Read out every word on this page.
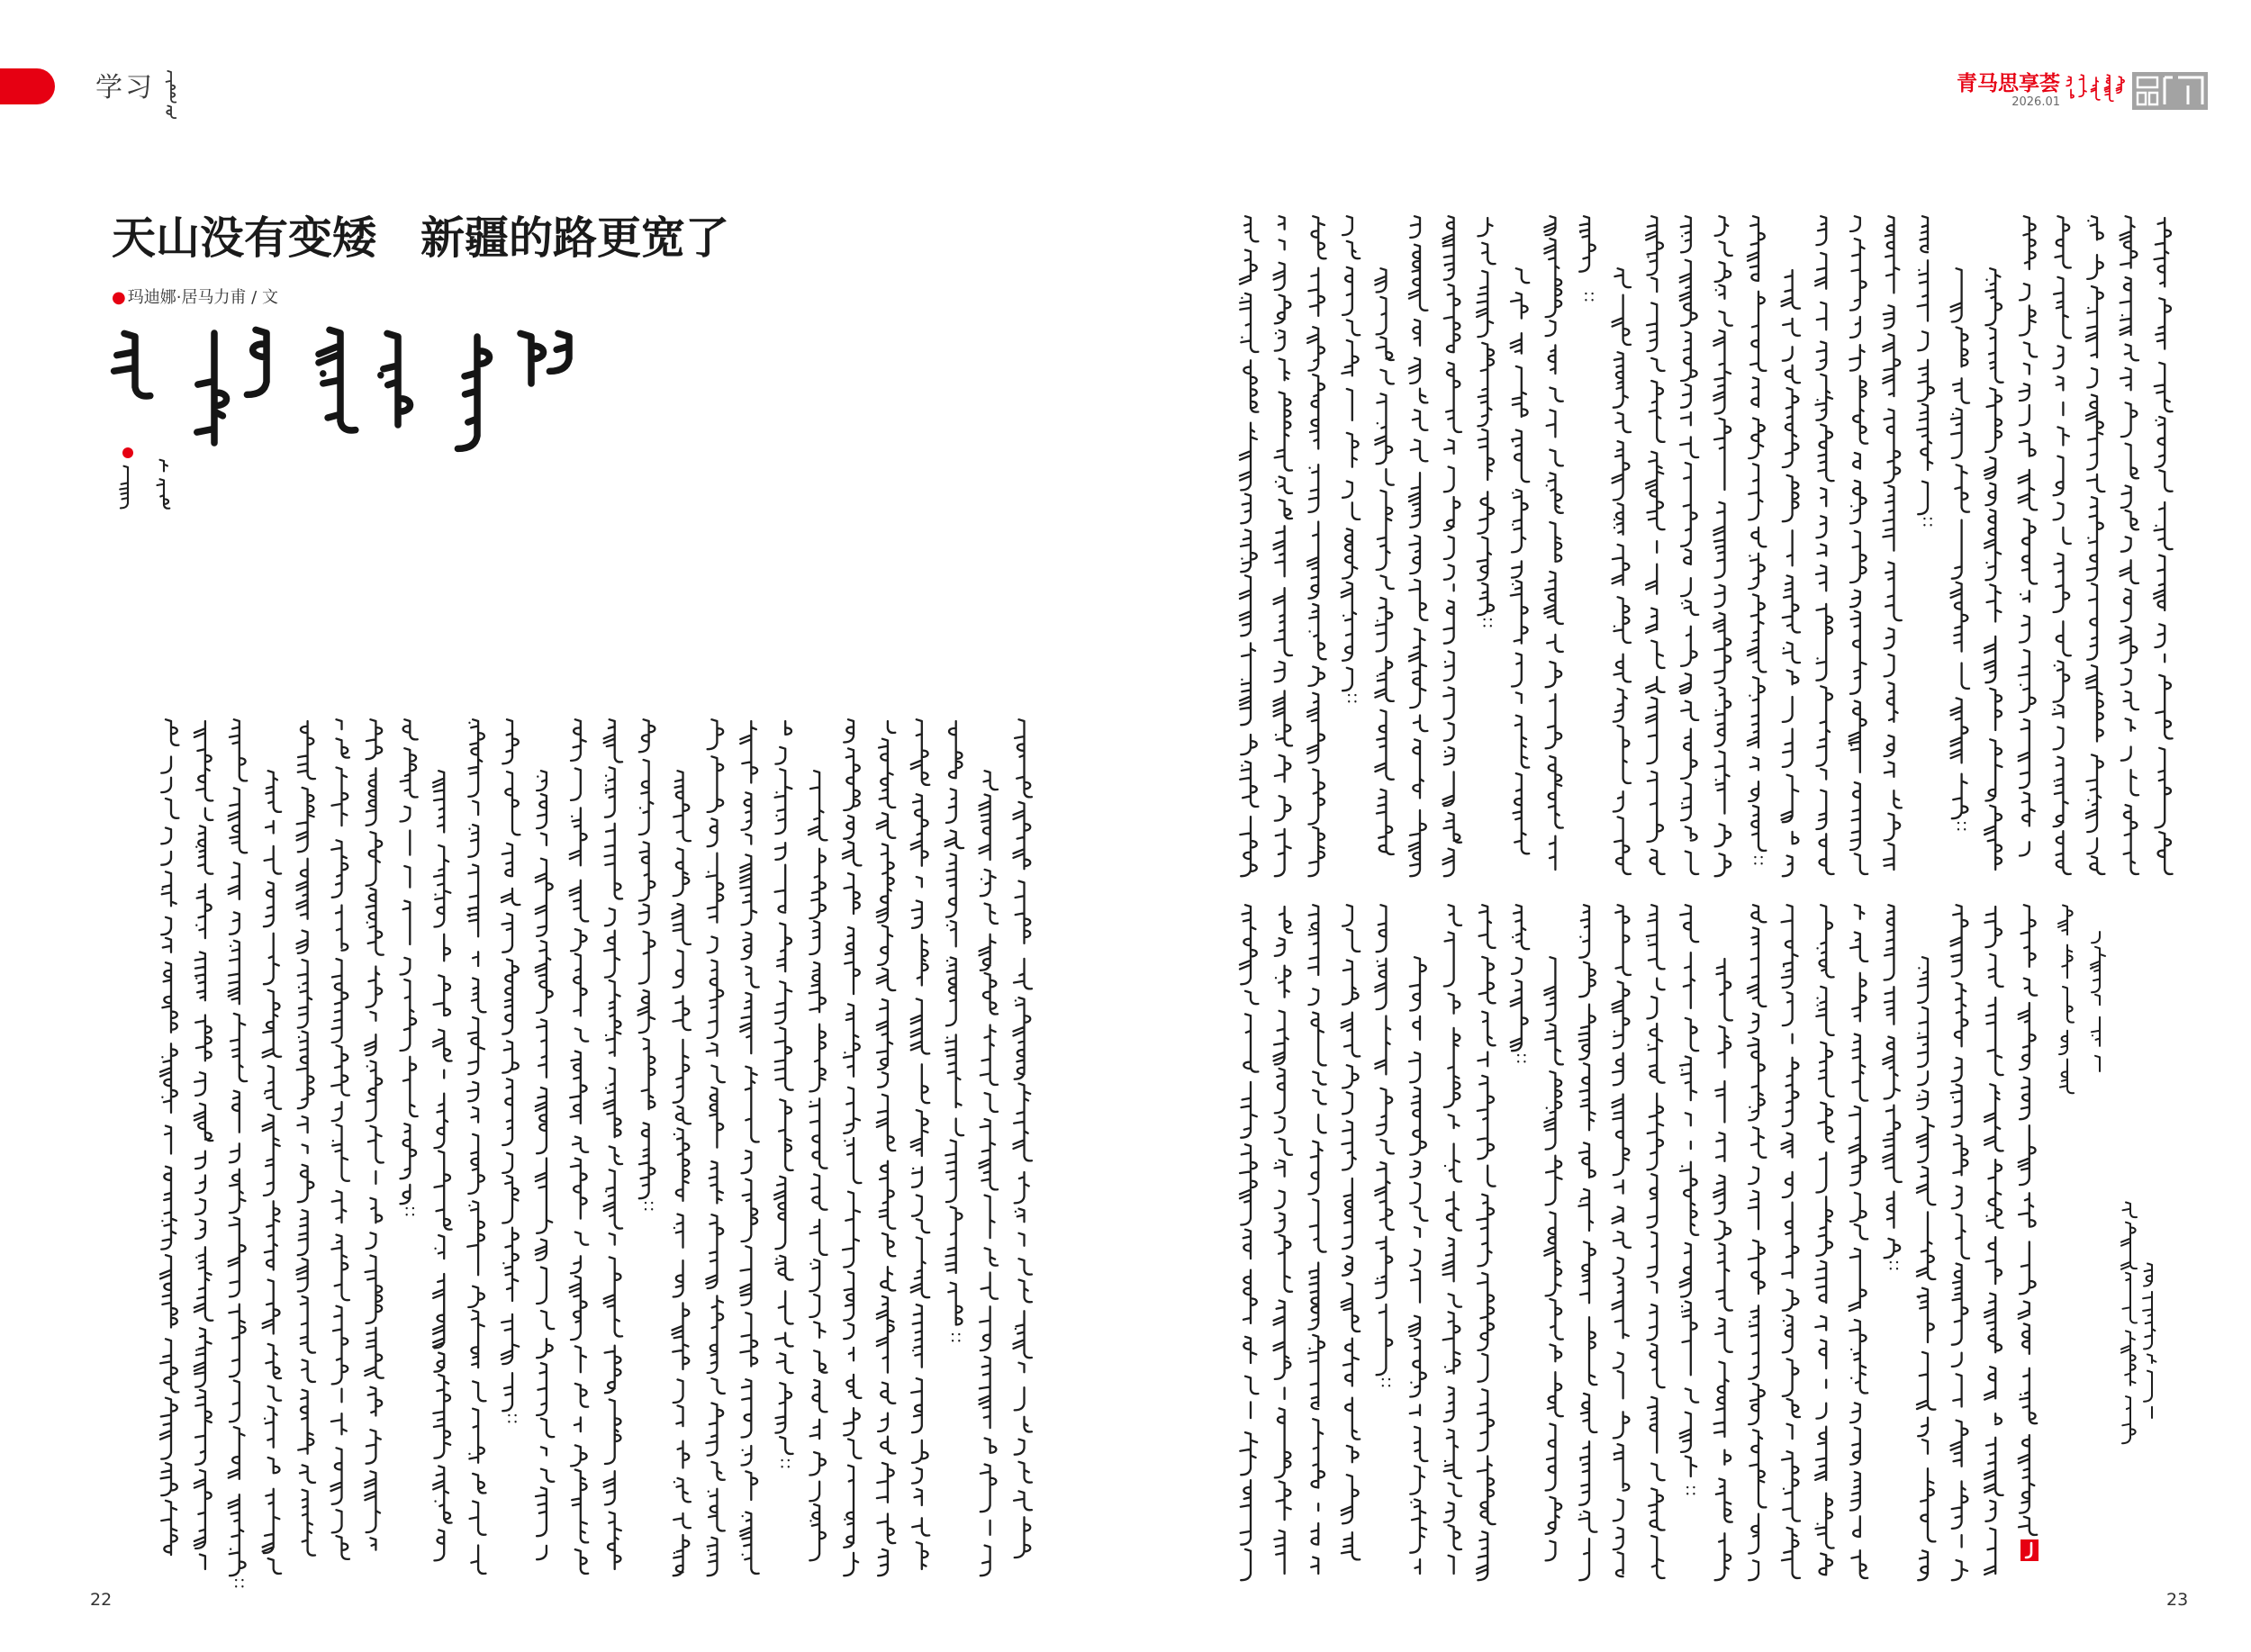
学习	青马思享荟
2026.01
天山没有变矮　新疆的路更宽了
● 玛迪娜·居马力甫 / 文
22	23
